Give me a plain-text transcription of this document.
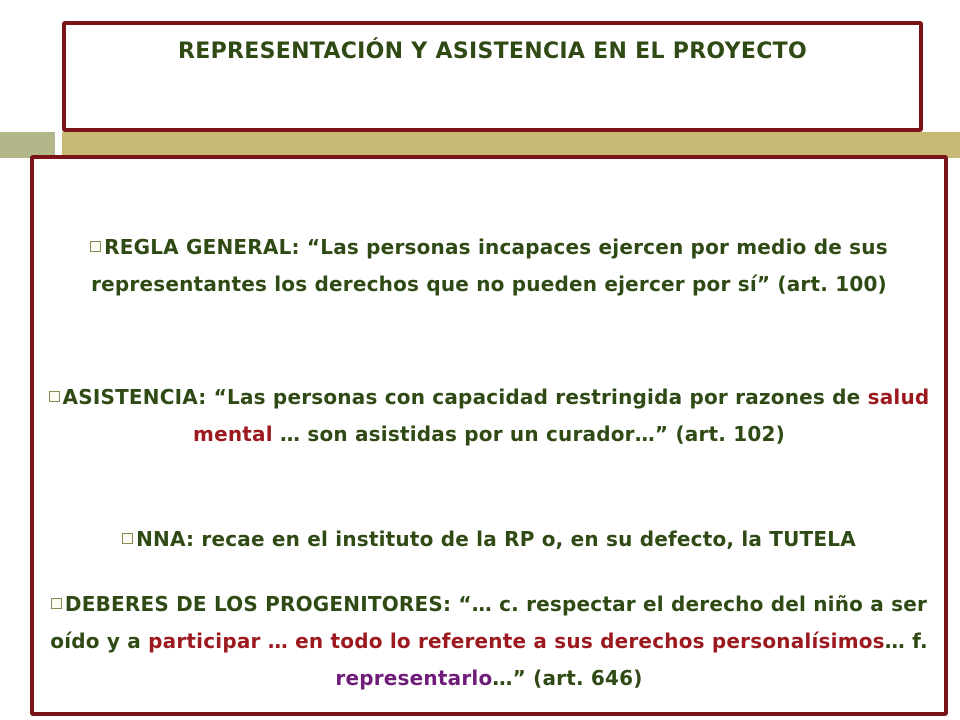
REPRESENTACIÓN Y ASISTENCIA EN EL PROYECTO
REGLA GENERAL: “Las personas incapaces ejercen por medio de sus representantes los derechos que no pueden ejercer por sí” (art. 100)
ASISTENCIA: “Las personas con capacidad restringida por razones de salud mental … son asistidas por un curador…” (art. 102)
NNA: recae en el instituto de la RP o, en su defecto, la TUTELA
DEBERES DE LOS PROGENITORES: “… c. respectar el derecho del niño a ser oído y a participar … en todo lo referente a sus derechos personalísimos… f. representarlo…” (art. 646)
